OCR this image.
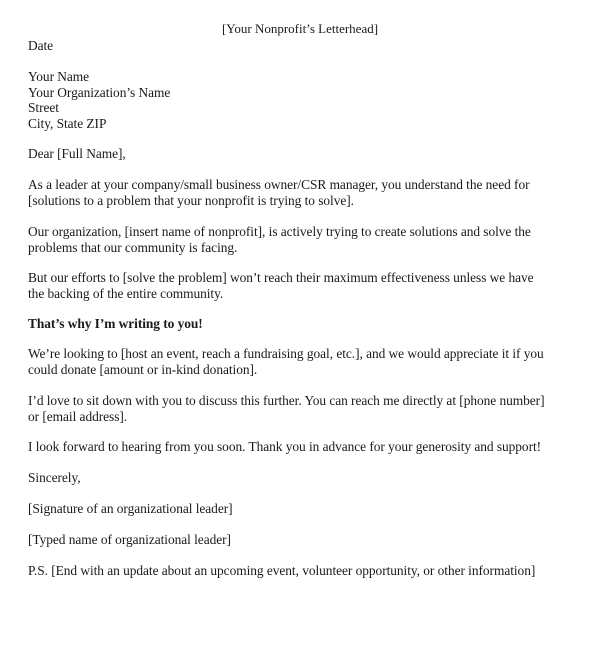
[Your Nonprofit’s Letterhead]
Date
Your Name
Your Organization’s Name
Street
City, State ZIP
Dear [Full Name],
As a leader at your company/small business owner/CSR manager, you understand the need for
[solutions to a problem that your nonprofit is trying to solve].
Our organization, [insert name of nonprofit], is actively trying to create solutions and solve the
problems that our community is facing.
But our efforts to [solve the problem] won’t reach their maximum effectiveness unless we have
the backing of the entire community.
That’s why I’m writing to you!
We’re looking to [host an event, reach a fundraising goal, etc.], and we would appreciate it if you
could donate [amount or in-kind donation].
I’d love to sit down with you to discuss this further. You can reach me directly at [phone number]
or [email address].
I look forward to hearing from you soon. Thank you in advance for your generosity and support!
Sincerely,
[Signature of an organizational leader]
[Typed name of organizational leader]
P.S. [End with an update about an upcoming event, volunteer opportunity, or other information]
